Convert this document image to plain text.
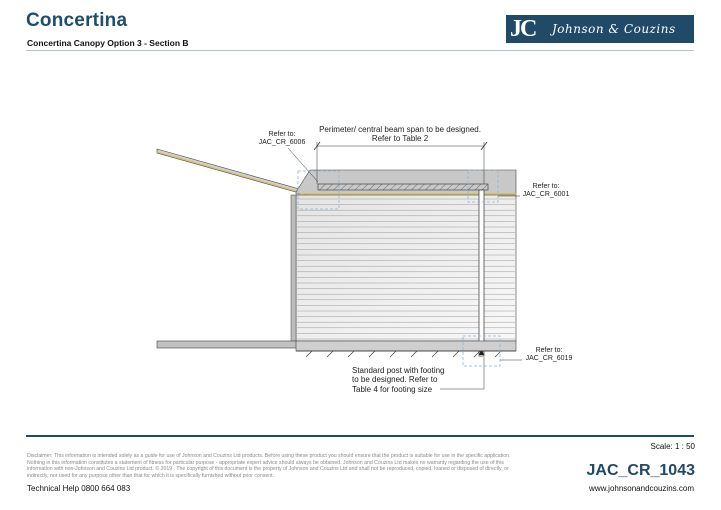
Concertina
Concertina Canopy Option 3 - Section B
JC	Johnson & Couzins
Refer to:
JAC_CR_6006
Perimeter/ central beam span to be designed.
Refer to Table 2
Refer to:
JAC_CR_6001
Refer to:
JAC_CR_6019
Standard post with footing
to be designed. Refer to
Table 4 for footing size
Scale: 1 : 50
Disclaimer: This information is intended solely as a guide for use of Johnson and Couzins Ltd products. Before using these product you should ensure that the product is suitable for use in the specific application. Nothing in this information constitutes a statement of fitness for particular purpose - appropriate expert advice should always be obtained. Johnson and Couzins Ltd makes no warranty regarding the use of this information with non-Johnson and Couzins Ltd product. © 2019 . The copyright of this document is the property of Johnson and Couzins Ltd and shall not be reproduced, copied, loaned or disposed of directly, or indirectly, nor used for any purpose other than that for which it is specifically furnished without prior consent.
Technical Help 0800 664 083
JAC_CR_1043
www.johnsonandcouzins.com
